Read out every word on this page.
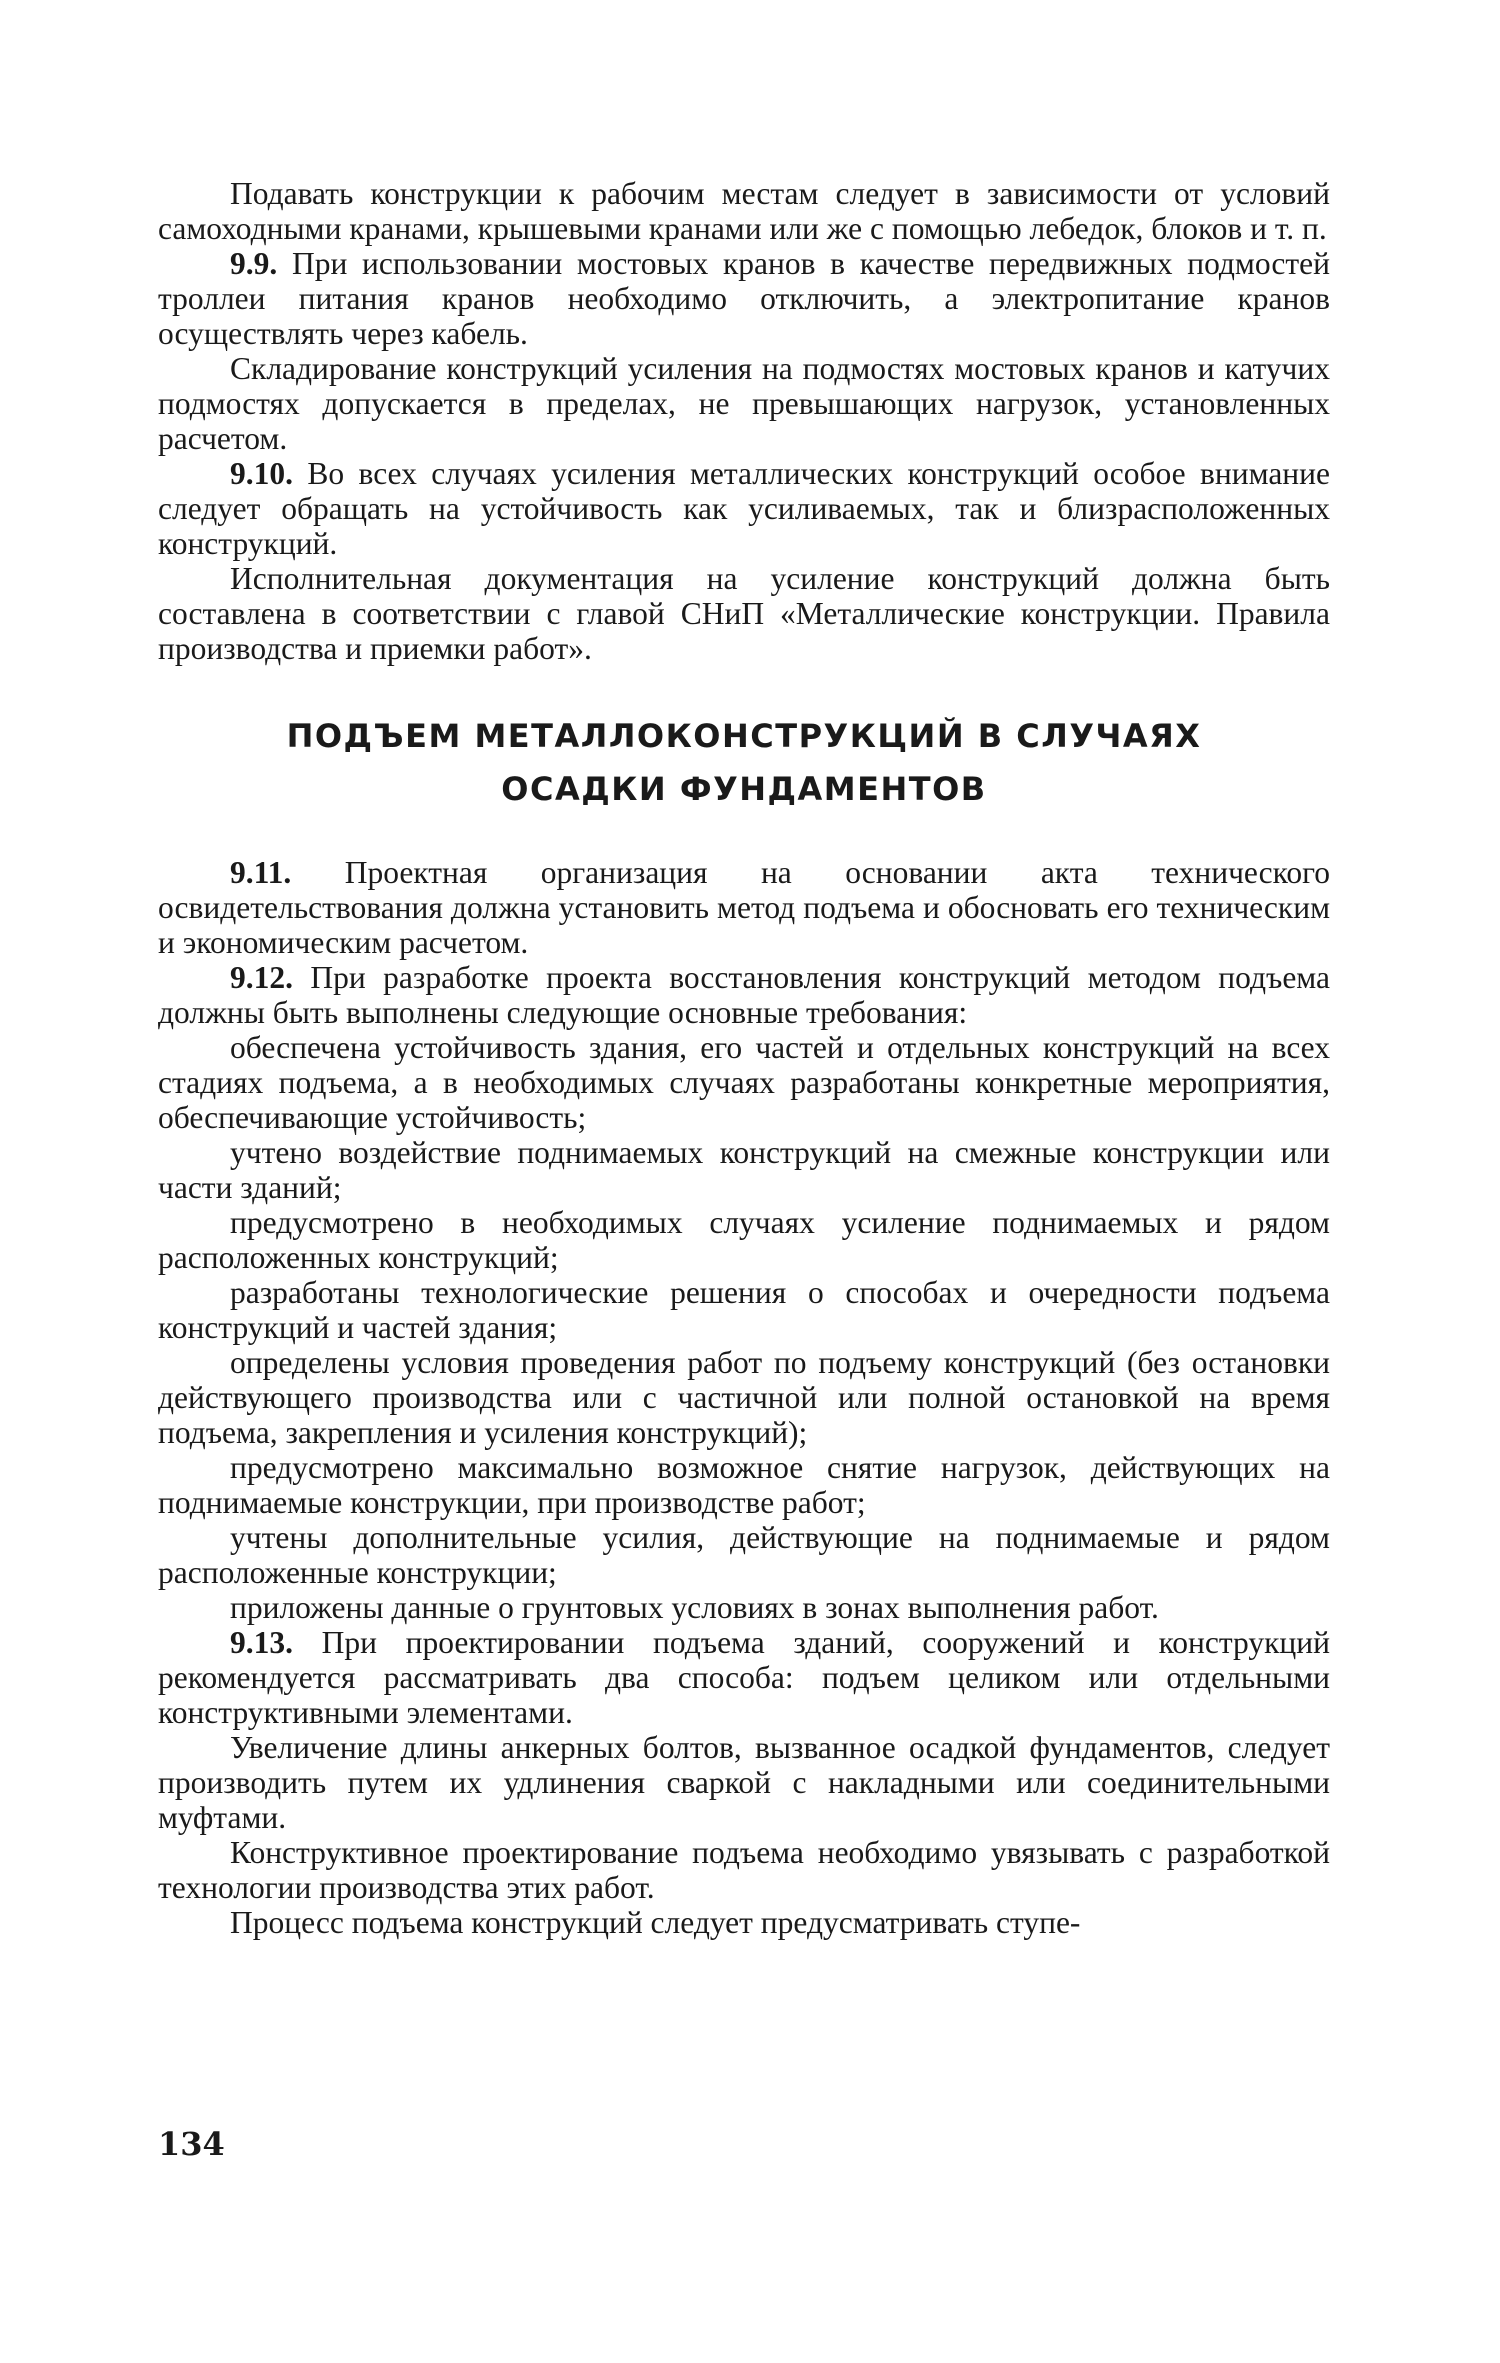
Подавать конструкции к рабочим местам следует в зависимости от условий самоходными кранами, крышевыми кранами или же с помощью лебедок, блоков и т. п.

9.9. При использовании мостовых кранов в качестве передвижных подмостей троллеи питания кранов необходимо отключить, а электропитание кранов осуществлять через кабель.

Складирование конструкций усиления на подмостях мостовых кранов и катучих подмостях допускается в пределах, не превышающих нагрузок, установленных расчетом.

9.10. Во всех случаях усиления металлических конструкций особое внимание следует обращать на устойчивость как усиливаемых, так и близрасположенных конструкций.

Исполнительная документация на усиление конструкций должна быть составлена в соответствии с главой СНиП «Металлические конструкции. Правила производства и приемки работ».

ПОДЪЕМ МЕТАЛЛОКОНСТРУКЦИЙ В СЛУЧАЯХ

ОСАДКИ ФУНДАМЕНТОВ

9.11. Проектная организация на основании акта технического освидетельствования должна установить метод подъема и обосновать его техническим и экономическим расчетом.

9.12. При разработке проекта восстановления конструкций методом подъема должны быть выполнены следующие основные требования:

обеспечена устойчивость здания, его частей и отдельных конструкций на всех стадиях подъема, а в необходимых случаях разработаны конкретные мероприятия, обеспечивающие устойчивость;

учтено воздействие поднимаемых конструкций на смежные конструкции или части зданий;

предусмотрено в необходимых случаях усиление поднимаемых и рядом расположенных конструкций;

разработаны технологические решения о способах и очередности подъема конструкций и частей здания;

определены условия проведения работ по подъему конструкций (без остановки действующего производства или с частичной или полной остановкой на время подъема, закрепления и усиления конструкций);

предусмотрено максимально возможное снятие нагрузок, действующих на поднимаемые конструкции, при производстве работ;

учтены дополнительные усилия, действующие на поднимаемые и рядом расположенные конструкции;

приложены данные о грунтовых условиях в зонах выполнения работ.

9.13. При проектировании подъема зданий, сооружений и конструкций рекомендуется рассматривать два способа: подъем целиком или отдельными конструктивными элементами.

Увеличение длины анкерных болтов, вызванное осадкой фундаментов, следует производить путем их удлинения сваркой с накладными или соединительными муфтами.

Конструктивное проектирование подъема необходимо увязывать с разработкой технологии производства этих работ.

Процесс подъема конструкций следует предусматривать ступе-

134
